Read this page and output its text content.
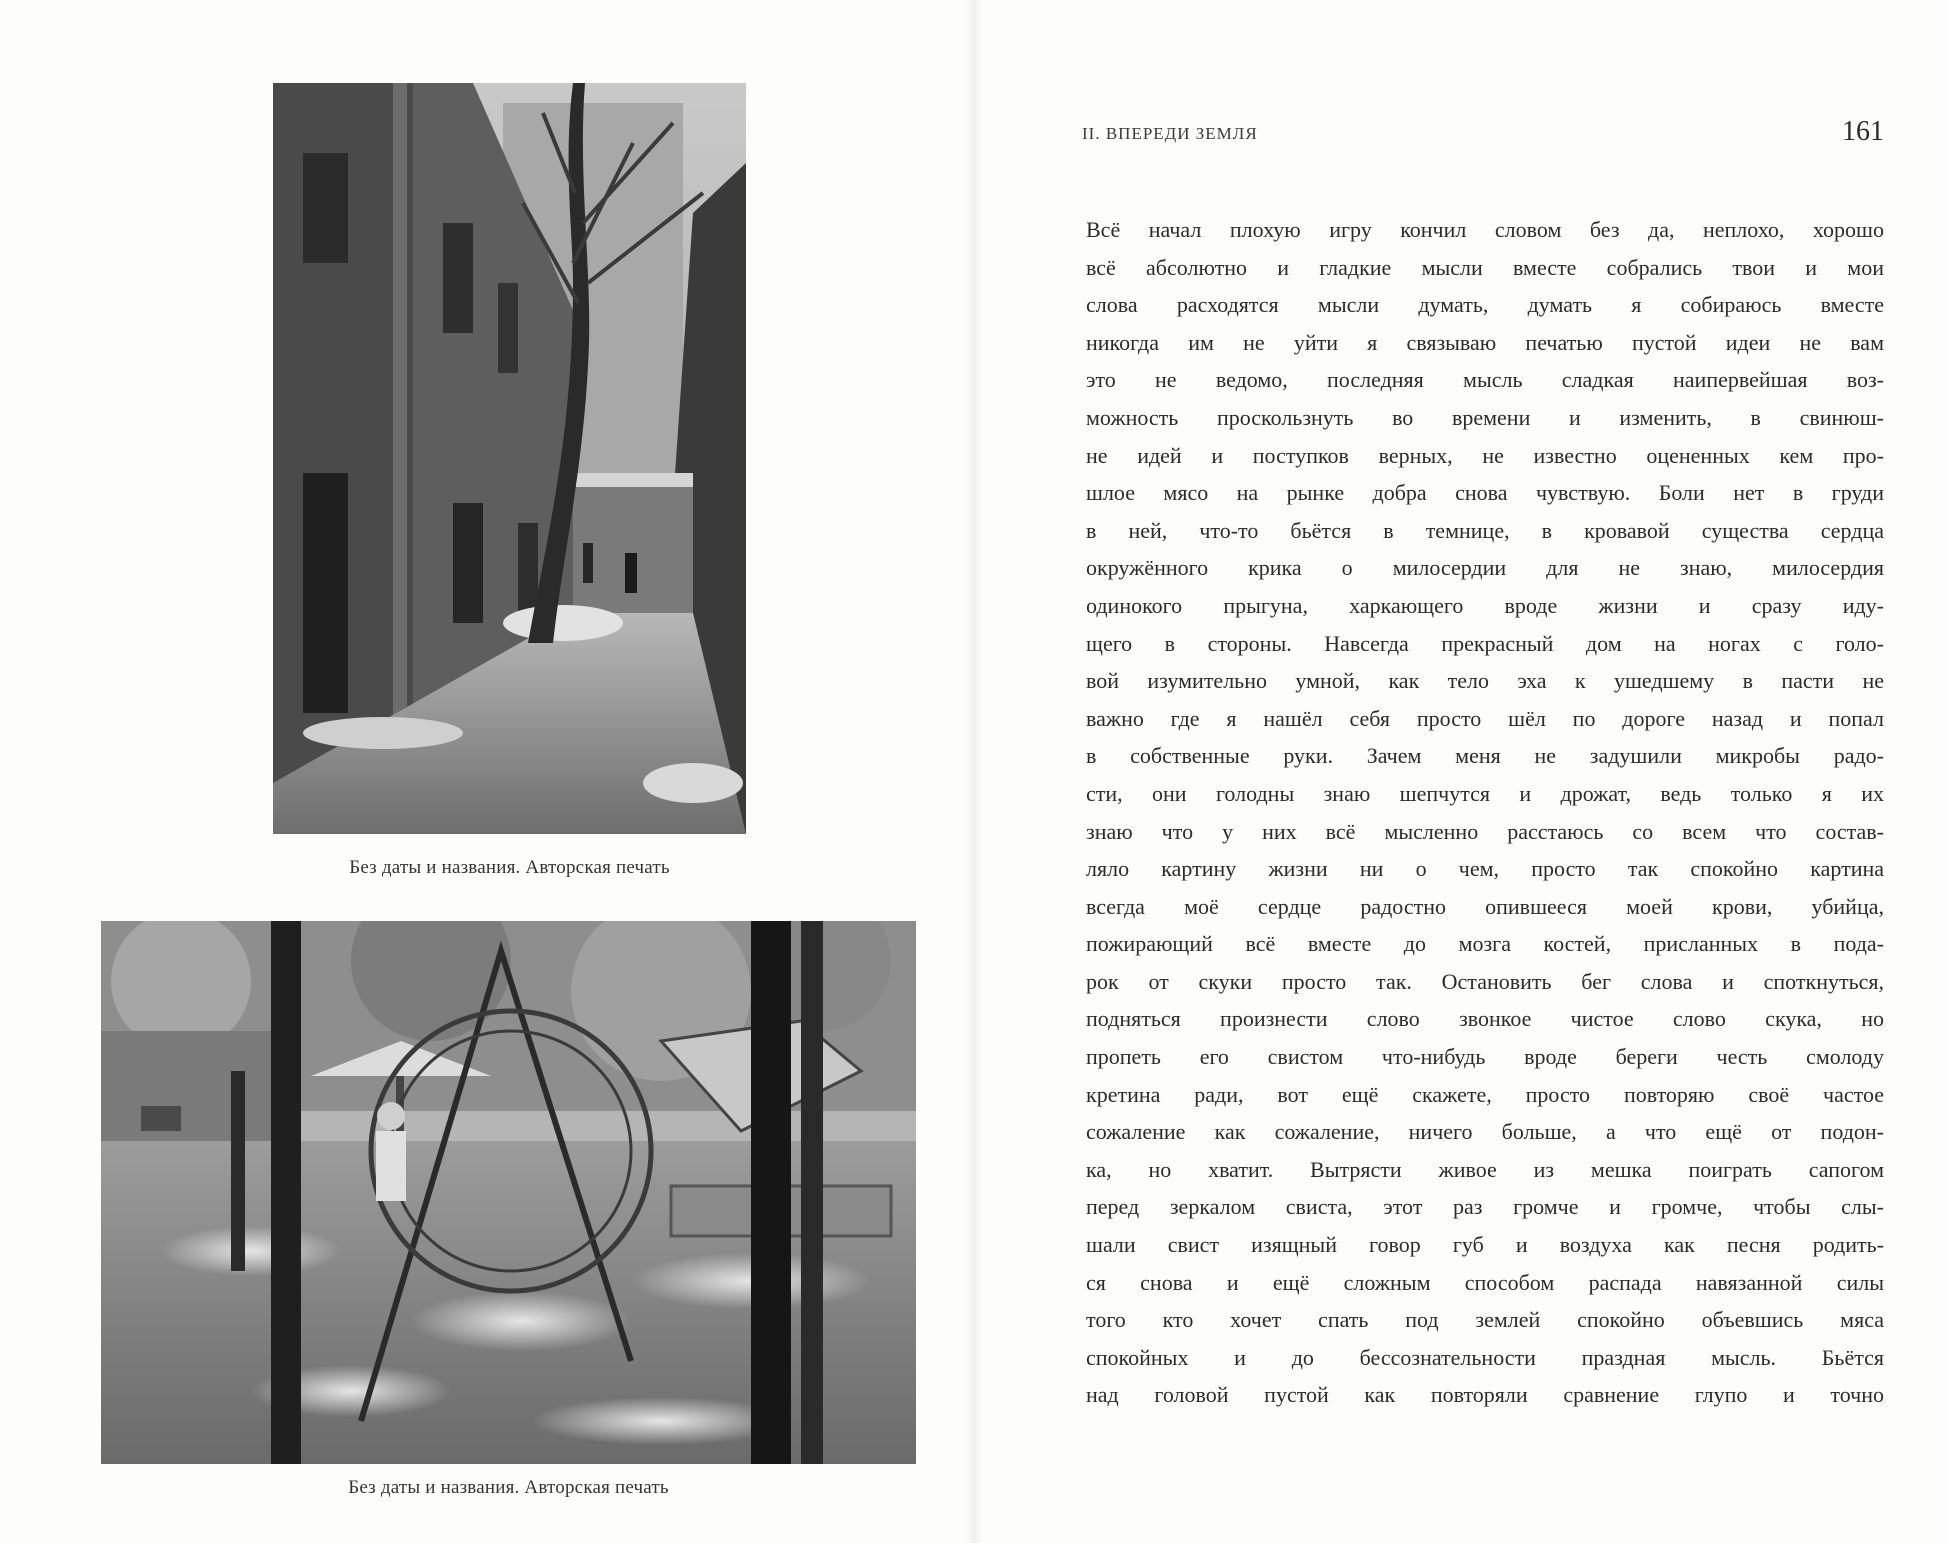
Без даты и названия. Авторская печать
Без даты и названия. Авторская печать
II. ВПЕРЕДИ ЗЕМЛЯ	161
Всё начал плохую игру кончил словом без да, неплохо, хорошо
всё абсолютно и гладкие мысли вместе собрались твои и мои
слова расходятся мысли думать, думать я собираюсь вместе
никогда им не уйти я связываю печатью пустой идеи не вам
это не ведомо, последняя мысль сладкая наипервейшая воз-
можность проскользнуть во времени и изменить, в свинюш-
не идей и поступков верных, не известно оцененных кем про-
шлое мясо на рынке добра снова чувствую. Боли нет в груди
в ней, что-то бьётся в темнице, в кровавой существа сердца
окружённого крика о милосердии для не знаю, милосердия
одинокого прыгуна, харкающего вроде жизни и сразу иду-
щего в стороны. Навсегда прекрасный дом на ногах с голо-
вой изумительно умной, как тело эха к ушедшему в пасти не
важно где я нашёл себя просто шёл по дороге назад и попал
в собственные руки. Зачем меня не задушили микробы радо-
сти, они голодны знаю шепчутся и дрожат, ведь только я их
знаю что у них всё мысленно расстаюсь со всем что состав-
ляло картину жизни ни о чем, просто так спокойно картина
всегда моё сердце радостно опившееся моей крови, убийца,
пожирающий всё вместе до мозга костей, присланных в пода-
рок от скуки просто так. Остановить бег слова и споткнуться,
подняться произнести слово звонкое чистое слово скука, но
пропеть его свистом что-нибудь вроде береги честь смолоду
кретина ради, вот ещё скажете, просто повторяю своё частое
сожаление как сожаление, ничего больше, а что ещё от подон-
ка, но хватит. Вытрясти живое из мешка поиграть сапогом
перед зеркалом свиста, этот раз громче и громче, чтобы слы-
шали свист изящный говор губ и воздуха как песня родить-
ся снова и ещё сложным способом распада навязанной силы
того кто хочет спать под землей спокойно объевшись мяса
спокойных и до бессознательности праздная мысль. Бьётся
над головой пустой как повторяли сравнение глупо и точно
